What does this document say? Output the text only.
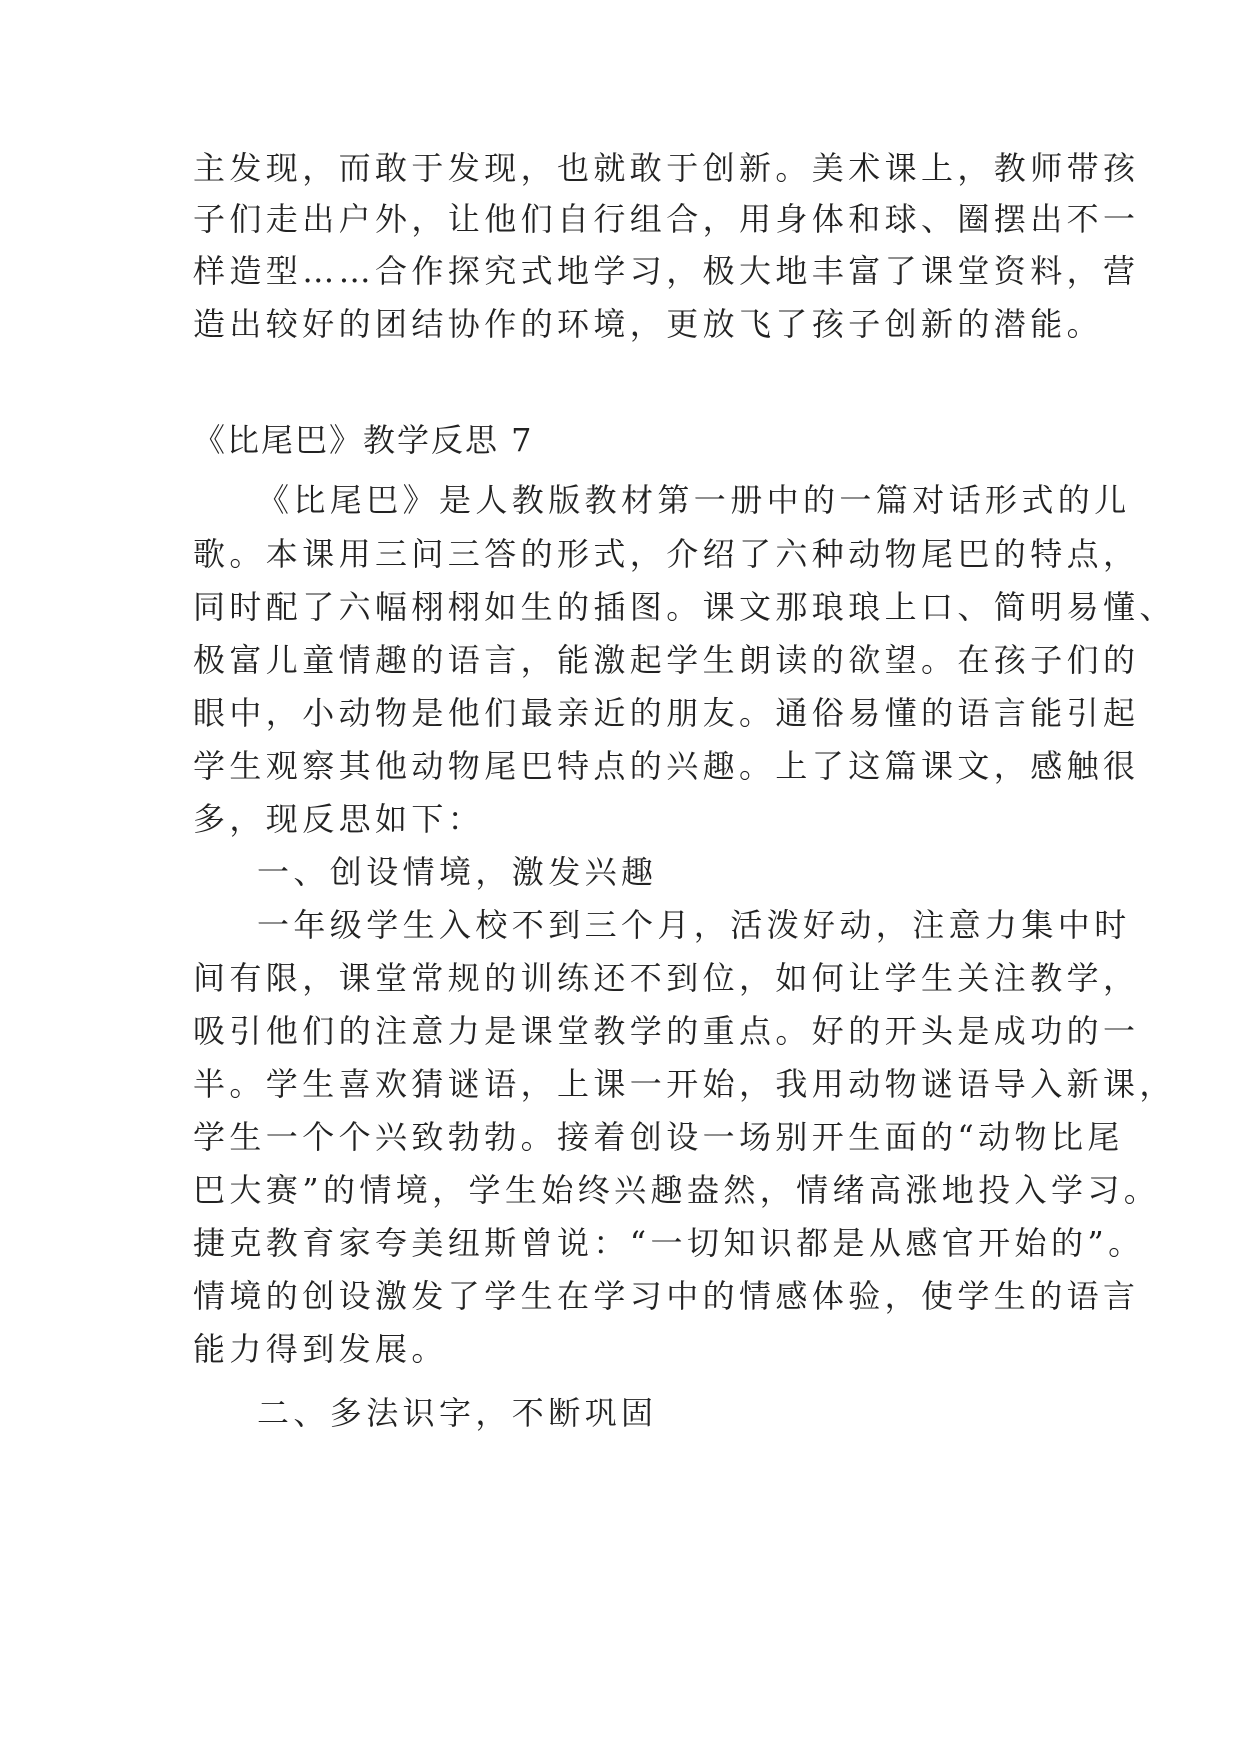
主发现，而敢于发现，也就敢于创新。美术课上，教师带孩
子们走出户外，让他们自行组合，用身体和球、圈摆出不一
样造型……合作探究式地学习，极大地丰富了课堂资料，营
造出较好的团结协作的环境，更放飞了孩子创新的潜能。
《比尾巴》教学反思 7
《比尾巴》是人教版教材第一册中的一篇对话形式的儿
歌。本课用三问三答的形式，介绍了六种动物尾巴的特点，
同时配了六幅栩栩如生的插图。课文那琅琅上口、简明易懂、
极富儿童情趣的语言，能激起学生朗读的欲望。在孩子们的
眼中，小动物是他们最亲近的朋友。通俗易懂的语言能引起
学生观察其他动物尾巴特点的兴趣。上了这篇课文，感触很
多，现反思如下：
一、创设情境，激发兴趣
一年级学生入校不到三个月，活泼好动，注意力集中时
间有限，课堂常规的训练还不到位，如何让学生关注教学，
吸引他们的注意力是课堂教学的重点。好的开头是成功的一
半。学生喜欢猜谜语，上课一开始，我用动物谜语导入新课，
学生一个个兴致勃勃。接着创设一场别开生面的“动物比尾
巴大赛”的情境，学生始终兴趣盎然，情绪高涨地投入学习。
捷克教育家夸美纽斯曾说：“一切知识都是从感官开始的”。
情境的创设激发了学生在学习中的情感体验，使学生的语言
能力得到发展。
二、多法识字，不断巩固
